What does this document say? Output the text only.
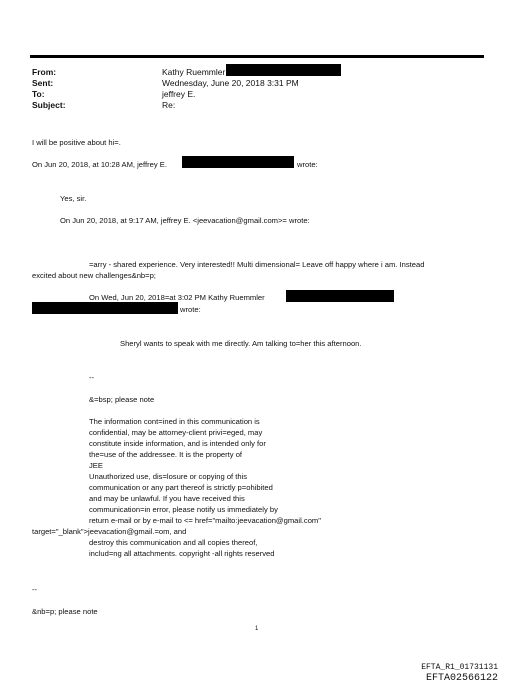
From:	Kathy Ruemmler
Sent:	Wednesday, June 20, 2018 3:31 PM
To:	jeffrey E.
Subject:	Re:
I will be positive about hi=.
On Jun 20, 2018, at 10:28 AM, jeffrey E.	wrote:
Yes, sir.
On Jun 20, 2018, at 9:17 AM, jeffrey E. <jeevacation@gmail.com>= wrote:
=arry - shared experience. Very interested!! Multi dimensional= Leave off happy where i am. Instead
excited about new challenges&nb=p;
On Wed, Jun 20, 2018=at 3:02 PM Kathy Ruemmler
wrote:
Sheryl wants to speak with me directly. Am talking to=her this afternoon.
--
&=bsp; please note
The information cont=ined in this communication is
confidential, may be attorney-client privi=eged, may
constitute inside information, and is intended only for
the=use of the addressee. It is the property of
JEE
Unauthorized use, dis=losure or copying of this
communication or any part thereof is strictly p=ohibited
and may be unlawful. If you have received this
communication=in error, please notify us immediately by
return e-mail or by e-mail to <= href="mailto:jeevacation@gmail.com"
target="_blank">jeevacation@gmail.=om, and
destroy this communication and all copies thereof,
includ=ng all attachments. copyright -all rights reserved
--
&nb=p; please note
1
EFTA_R1_01731131
EFTA02566122
